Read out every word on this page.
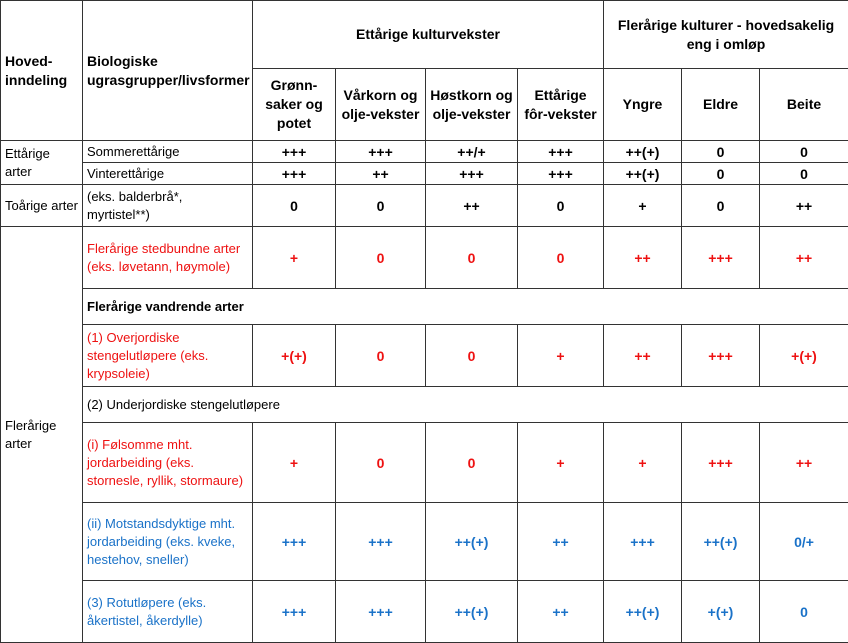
Hoved-inndeling	Biologiske ugrasgrupper/livsformer	Ettårige kulturvekster				Flerårige kulturer - hovedsakelig eng i omløp		
		Grønn-saker og potet	Vårkorn og olje-vekster	Høstkorn og olje-vekster	Ettårige fôr-vekster	Yngre	Eldre	Beite
Ettårige arter	Sommerettårige	+++	+++	++/+	+++	++(+)	0	0
	Vinterettårige	+++	++	+++	+++	++(+)	0	0
Toårige arter	(eks. balderbrå*, myrtistel**)	0	0	++	0	+	0	++
Flerårige arter	Flerårige stedbundne arter (eks. løvetann, høymole)	+	0	0	0	++	+++	++
	Flerårige vandrende arter							
	(1) Overjordiske stengelutløpere (eks. krypsoleie)	+(+)	0	0	+	++	+++	+(+)
	(2) Underjordiske stengelutløpere							
	(i) Følsomme mht. jordarbeiding (eks. stornesle, ryllik, stormaure)	+	0	0	+	+	+++	++
	(ii) Motstandsdyktige mht. jordarbeiding (eks. kveke, hestehov, sneller)	+++	+++	++(+)	++	+++	++(+)	0/+
	(3) Rotutløpere (eks. åkertistel, åkerdylle)	+++	+++	++(+)	++	++(+)	+(+)	0
